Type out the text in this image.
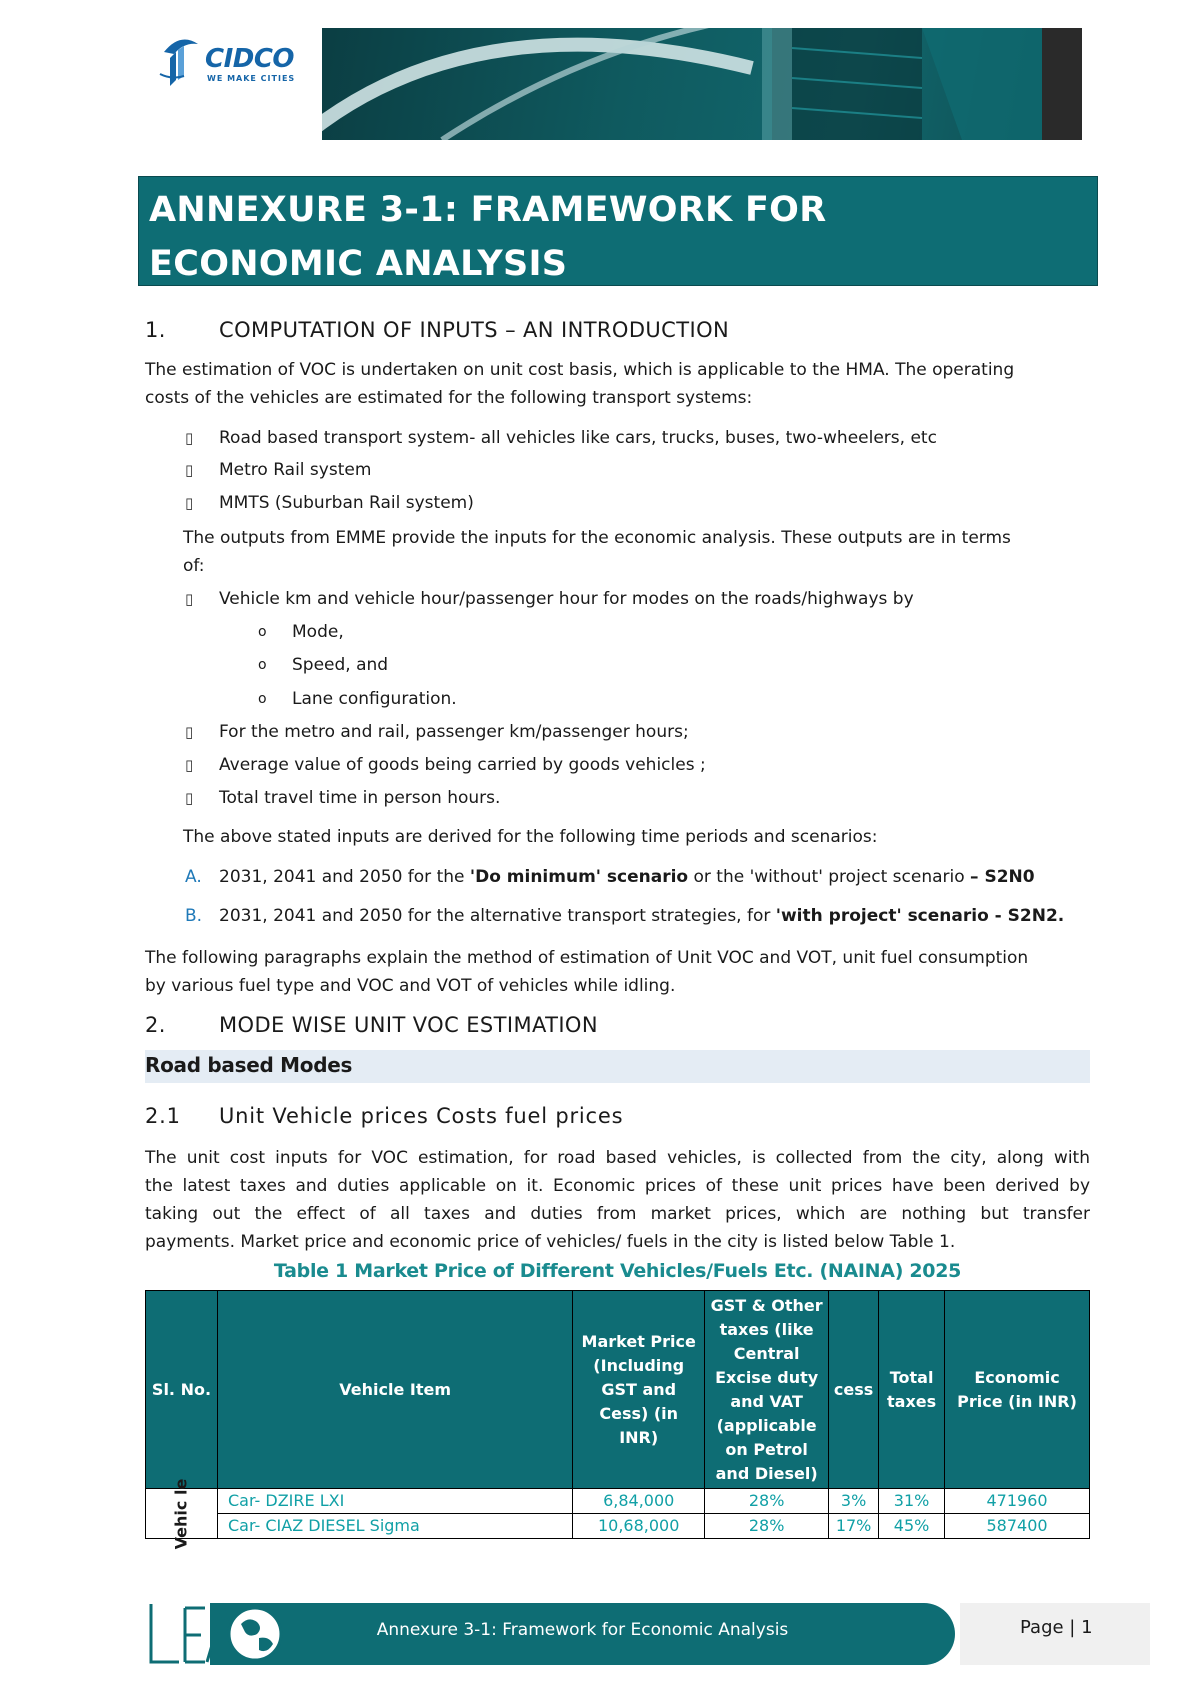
CIDCO
WE MAKE CITIES
ANNEXURE 3-1: FRAMEWORK FOR
ECONOMIC ANALYSIS
1.	COMPUTATION OF INPUTS – AN INTRODUCTION
The estimation of VOC is undertaken on unit cost basis, which is applicable to the HMA. The operating
costs of the vehicles are estimated for the following transport systems:
▯ Road based transport system- all vehicles like cars, trucks, buses, two-wheelers, etc
▯ Metro Rail system
▯ MMTS (Suburban Rail system)
The outputs from EMME provide the inputs for the economic analysis. These outputs are in terms
of:
▯ Vehicle km and vehicle hour/passenger hour for modes on the roads/highways by
o Mode,
o Speed, and
o Lane configuration.
▯ For the metro and rail, passenger km/passenger hours;
▯ Average value of goods being carried by goods vehicles ;
▯ Total travel time in person hours.
The above stated inputs are derived for the following time periods and scenarios:
A. 2031, 2041 and 2050 for the 'Do minimum' scenario or the 'without' project scenario – S2N0
B. 2031, 2041 and 2050 for the alternative transport strategies, for 'with project' scenario - S2N2.
The following paragraphs explain the method of estimation of Unit VOC and VOT, unit fuel consumption
by various fuel type and VOC and VOT of vehicles while idling.
2.	MODE WISE UNIT VOC ESTIMATION
Road based Modes
2.1 Unit Vehicle prices Costs fuel prices
The unit cost inputs for VOC estimation, for road based vehicles, is collected from the city, along with
the latest taxes and duties applicable on it. Economic prices of these unit prices have been derived by
taking out the effect of all taxes and duties from market prices, which are nothing but transfer
payments. Market price and economic price of vehicles/ fuels in the city is listed below Table 1.
Table 1 Market Price of Different Vehicles/Fuels Etc. (NAINA) 2025
Sl. No.	Vehicle Item	Market Price (Including GST and Cess) (in INR)	GST & Other taxes (like Central Excise duty and VAT (applicable on Petrol and Diesel)	cess	Total taxes	Economic Price (in INR)

Vehic le	Car- DZIRE LXI	6,84,000	28%	3%	31%	471960
	Car- CIAZ DIESEL Sigma	10,68,000	28%	17%	45%	587400
Annexure 3-1: Framework for Economic Analysis	Page | 1
